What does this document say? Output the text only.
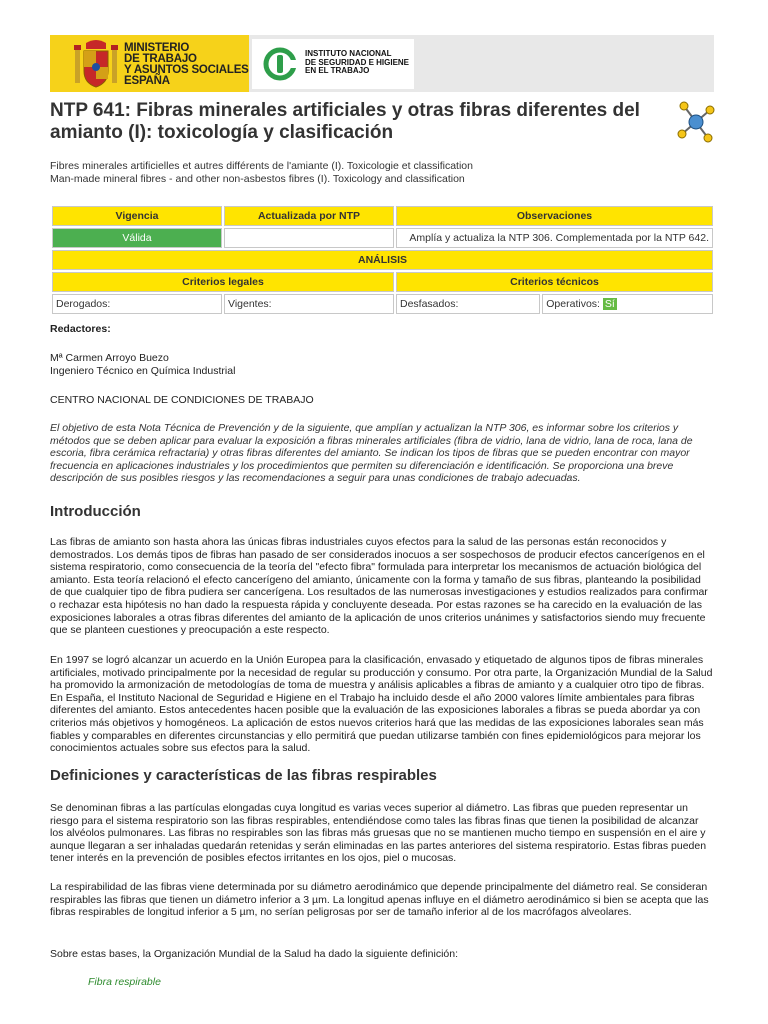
MINISTERIO
DE TRABAJO
Y ASUNTOS SOCIALES
ESPAÑA
INSTITUTO NACIONAL
DE SEGURIDAD E HIGIENE
EN EL TRABAJO
NTP 641: Fibras minerales artificiales y otras fibras diferentes del amianto (I): toxicología y clasificación
Fibres minerales artificielles et autres différents de l'amiante (I). Toxicologie et classification
Man-made mineral fibres - and other non-asbestos fibres (I). Toxicology and classification
Vigencia	Actualizada por NTP	Observaciones	
Válida		Amplía y actualiza la NTP 306. Complementada por la NTP 642.	
ANÁLISIS			
Criterios legales		Criterios técnicos	
Derogados:	Vigentes:	Desfasados:	Operativos: Sí
Redactores:
Mª Carmen Arroyo Buezo
Ingeniero Técnico en Química Industrial
CENTRO NACIONAL DE CONDICIONES DE TRABAJO
El objetivo de esta Nota Técnica de Prevención y de la siguiente, que amplían y actualizan la NTP 306, es informar sobre los criterios y métodos que se deben aplicar para evaluar la exposición a fibras minerales artificiales (fibra de vidrio, lana de vidrio, lana de roca, lana de escoria, fibra cerámica refractaria) y otras fibras diferentes del amianto. Se indican los tipos de fibras que se pueden encontrar con mayor frecuencia en aplicaciones industriales y los procedimientos que permiten su diferenciación e identificación. Se proporciona una breve descripción de sus posibles riesgos y las recomendaciones a seguir para unas condiciones de trabajo adecuadas.
Introducción

Las fibras de amianto son hasta ahora las únicas fibras industriales cuyos efectos para la salud de las personas están reconocidos y demostrados. Los demás tipos de fibras han pasado de ser considerados inocuos a ser sospechosos de producir efectos cancerígenos en el sistema respiratorio, como consecuencia de la teoría del "efecto fibra" formulada para interpretar los mecanismos de actuación biológica del amianto. Esta teoría relacionó el efecto cancerígeno del amianto, únicamente con la forma y tamaño de sus fibras, planteando la posibilidad de que cualquier tipo de fibra pudiera ser cancerígena. Los resultados de las numerosas investigaciones y estudios realizados para confirmar o rechazar esta hipótesis no han dado la respuesta rápida y concluyente deseada. Por estas razones se ha carecido en la evaluación de las exposiciones laborales a otras fibras diferentes del amianto de la aplicación de unos criterios unánimes y satisfactorios siendo muy frecuente que se planteen cuestiones y preocupación a este respecto.

En 1997 se logró alcanzar un acuerdo en la Unión Europea para la clasificación, envasado y etiquetado de algunos tipos de fibras minerales artificiales, motivado principalmente por la necesidad de regular su producción y consumo. Por otra parte, la Organización Mundial de la Salud ha promovido la armonización de metodologías de toma de muestra y análisis aplicables a fibras de amianto y a cualquier otro tipo de fibras. En España, el Instituto Nacional de Seguridad e Higiene en el Trabajo ha incluido desde el año 2000 valores límite ambientales para fibras diferentes del amianto. Estos antecedentes hacen posible que la evaluación de las exposiciones laborales a fibras se pueda abordar ya con criterios más objetivos y homogéneos. La aplicación de estos nuevos criterios hará que las medidas de las exposiciones laborales sean más fiables y comparables en diferentes circunstancias y ello permitirá que puedan utilizarse también con fines epidemiológicos para mejorar los conocimientos actuales sobre sus efectos para la salud.

Definiciones y características de las fibras respirables

Se denominan fibras a las partículas elongadas cuya longitud es varias veces superior al diámetro. Las fibras que pueden representar un riesgo para el sistema respiratorio son las fibras respirables, entendiéndose como tales las fibras finas que tienen la posibilidad de alcanzar los alvéolos pulmonares. Las fibras no respirables son las fibras más gruesas que no se mantienen mucho tiempo en suspensión en el aire y aunque llegaran a ser inhaladas quedarán retenidas y serán eliminadas en las partes anteriores del sistema respiratorio. Estas fibras pueden tener interés en la prevención de posibles efectos irritantes en los ojos, piel o mucosas.

La respirabilidad de las fibras viene determinada por su diámetro aerodinámico que depende principalmente del diámetro real. Se consideran respirables las fibras que tienen un diámetro inferior a 3 µm. La longitud apenas influye en el diámetro aerodinámico si bien se acepta que las fibras respirables de longitud inferior a 5 µm, no serían peligrosas por ser de tamaño inferior al de los macrófagos alveolares.

Sobre estas bases, la Organización Mundial de la Salud ha dado la siguiente definición:

Fibra respirable
